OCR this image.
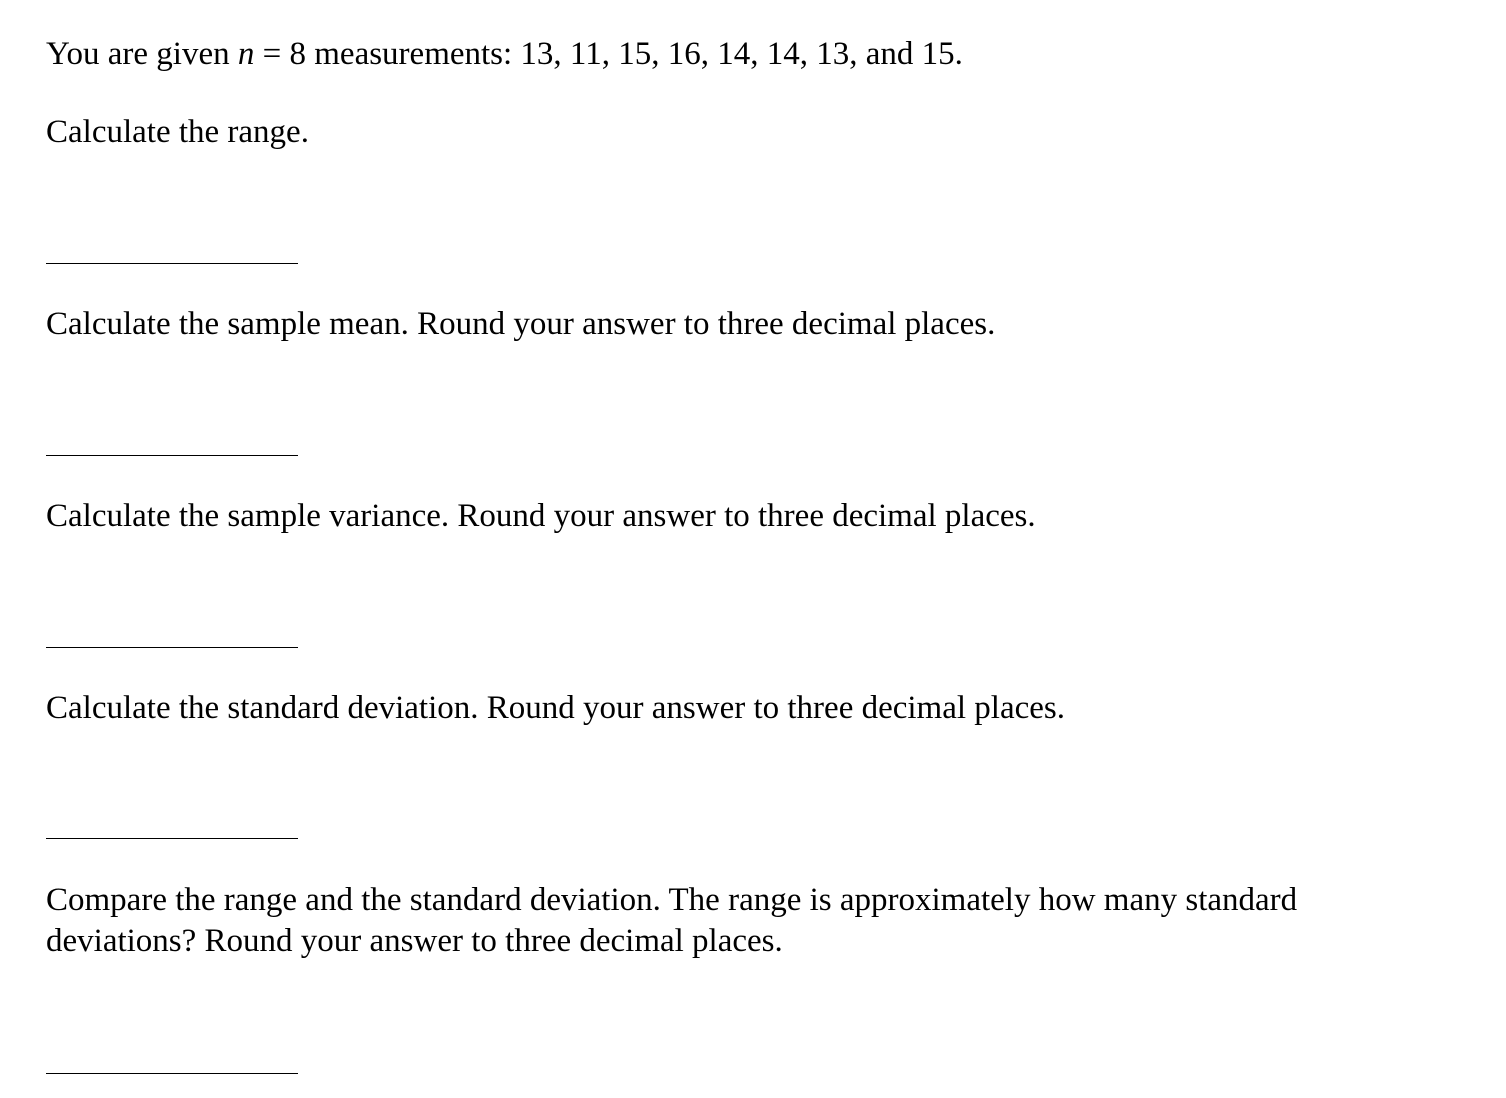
You are given n = 8 measurements: 13, 11, 15, 16, 14, 14, 13, and 15.

Calculate the range.

Calculate the sample mean. Round your answer to three decimal places.

Calculate the sample variance. Round your answer to three decimal places.

Calculate the standard deviation. Round your answer to three decimal places.

Compare the range and the standard deviation. The range is approximately how many standard deviations? Round your answer to three decimal places.
